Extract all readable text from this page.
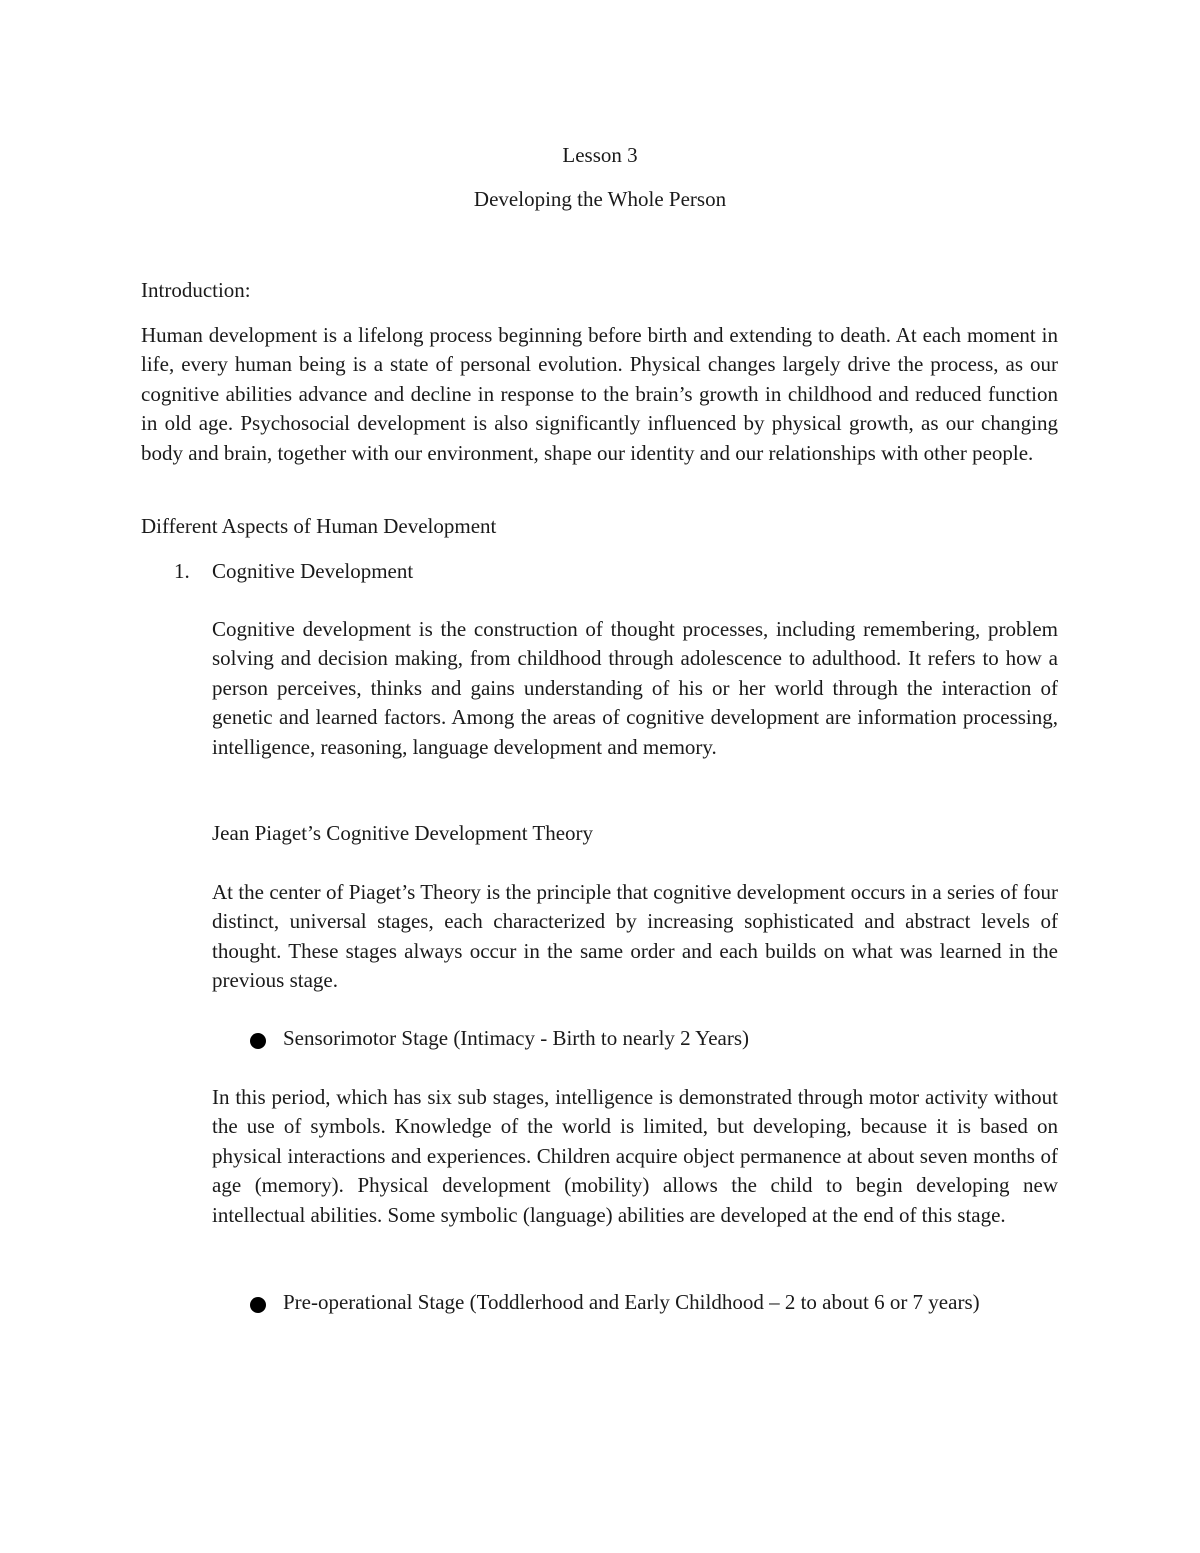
Lesson 3

Developing the Whole Person

Introduction:

Human development is a lifelong process beginning before birth and extending to death. At each moment in life, every human being is a state of personal evolution. Physical changes largely drive the process, as our cognitive abilities advance and decline in response to the brain’s growth in childhood and reduced function in old age. Psychosocial development is also significantly influenced by physical growth, as our changing body and brain, together with our environment, shape our identity and our relationships with other people.

Different Aspects of Human Development

1. Cognitive Development

Cognitive development is the construction of thought processes, including remembering, problem solving and decision making, from childhood through adolescence to adulthood. It refers to how a person perceives, thinks and gains understanding of his or her world through the interaction of genetic and learned factors. Among the areas of cognitive development are information processing, intelligence, reasoning, language development and memory.

Jean Piaget’s Cognitive Development Theory

At the center of Piaget’s Theory is the principle that cognitive development occurs in a series of four distinct, universal stages, each characterized by increasing sophisticated and abstract levels of thought. These stages always occur in the same order and each builds on what was learned in the previous stage.

Sensorimotor Stage (Intimacy - Birth to nearly 2 Years)

In this period, which has six sub stages, intelligence is demonstrated through motor activity without the use of symbols. Knowledge of the world is limited, but developing, because it is based on physical interactions and experiences. Children acquire object permanence at about seven months of age (memory). Physical development (mobility) allows the child to begin developing new intellectual abilities. Some symbolic (language) abilities are developed at the end of this stage.

Pre-operational Stage (Toddlerhood and Early Childhood – 2 to about 6 or 7 years)
